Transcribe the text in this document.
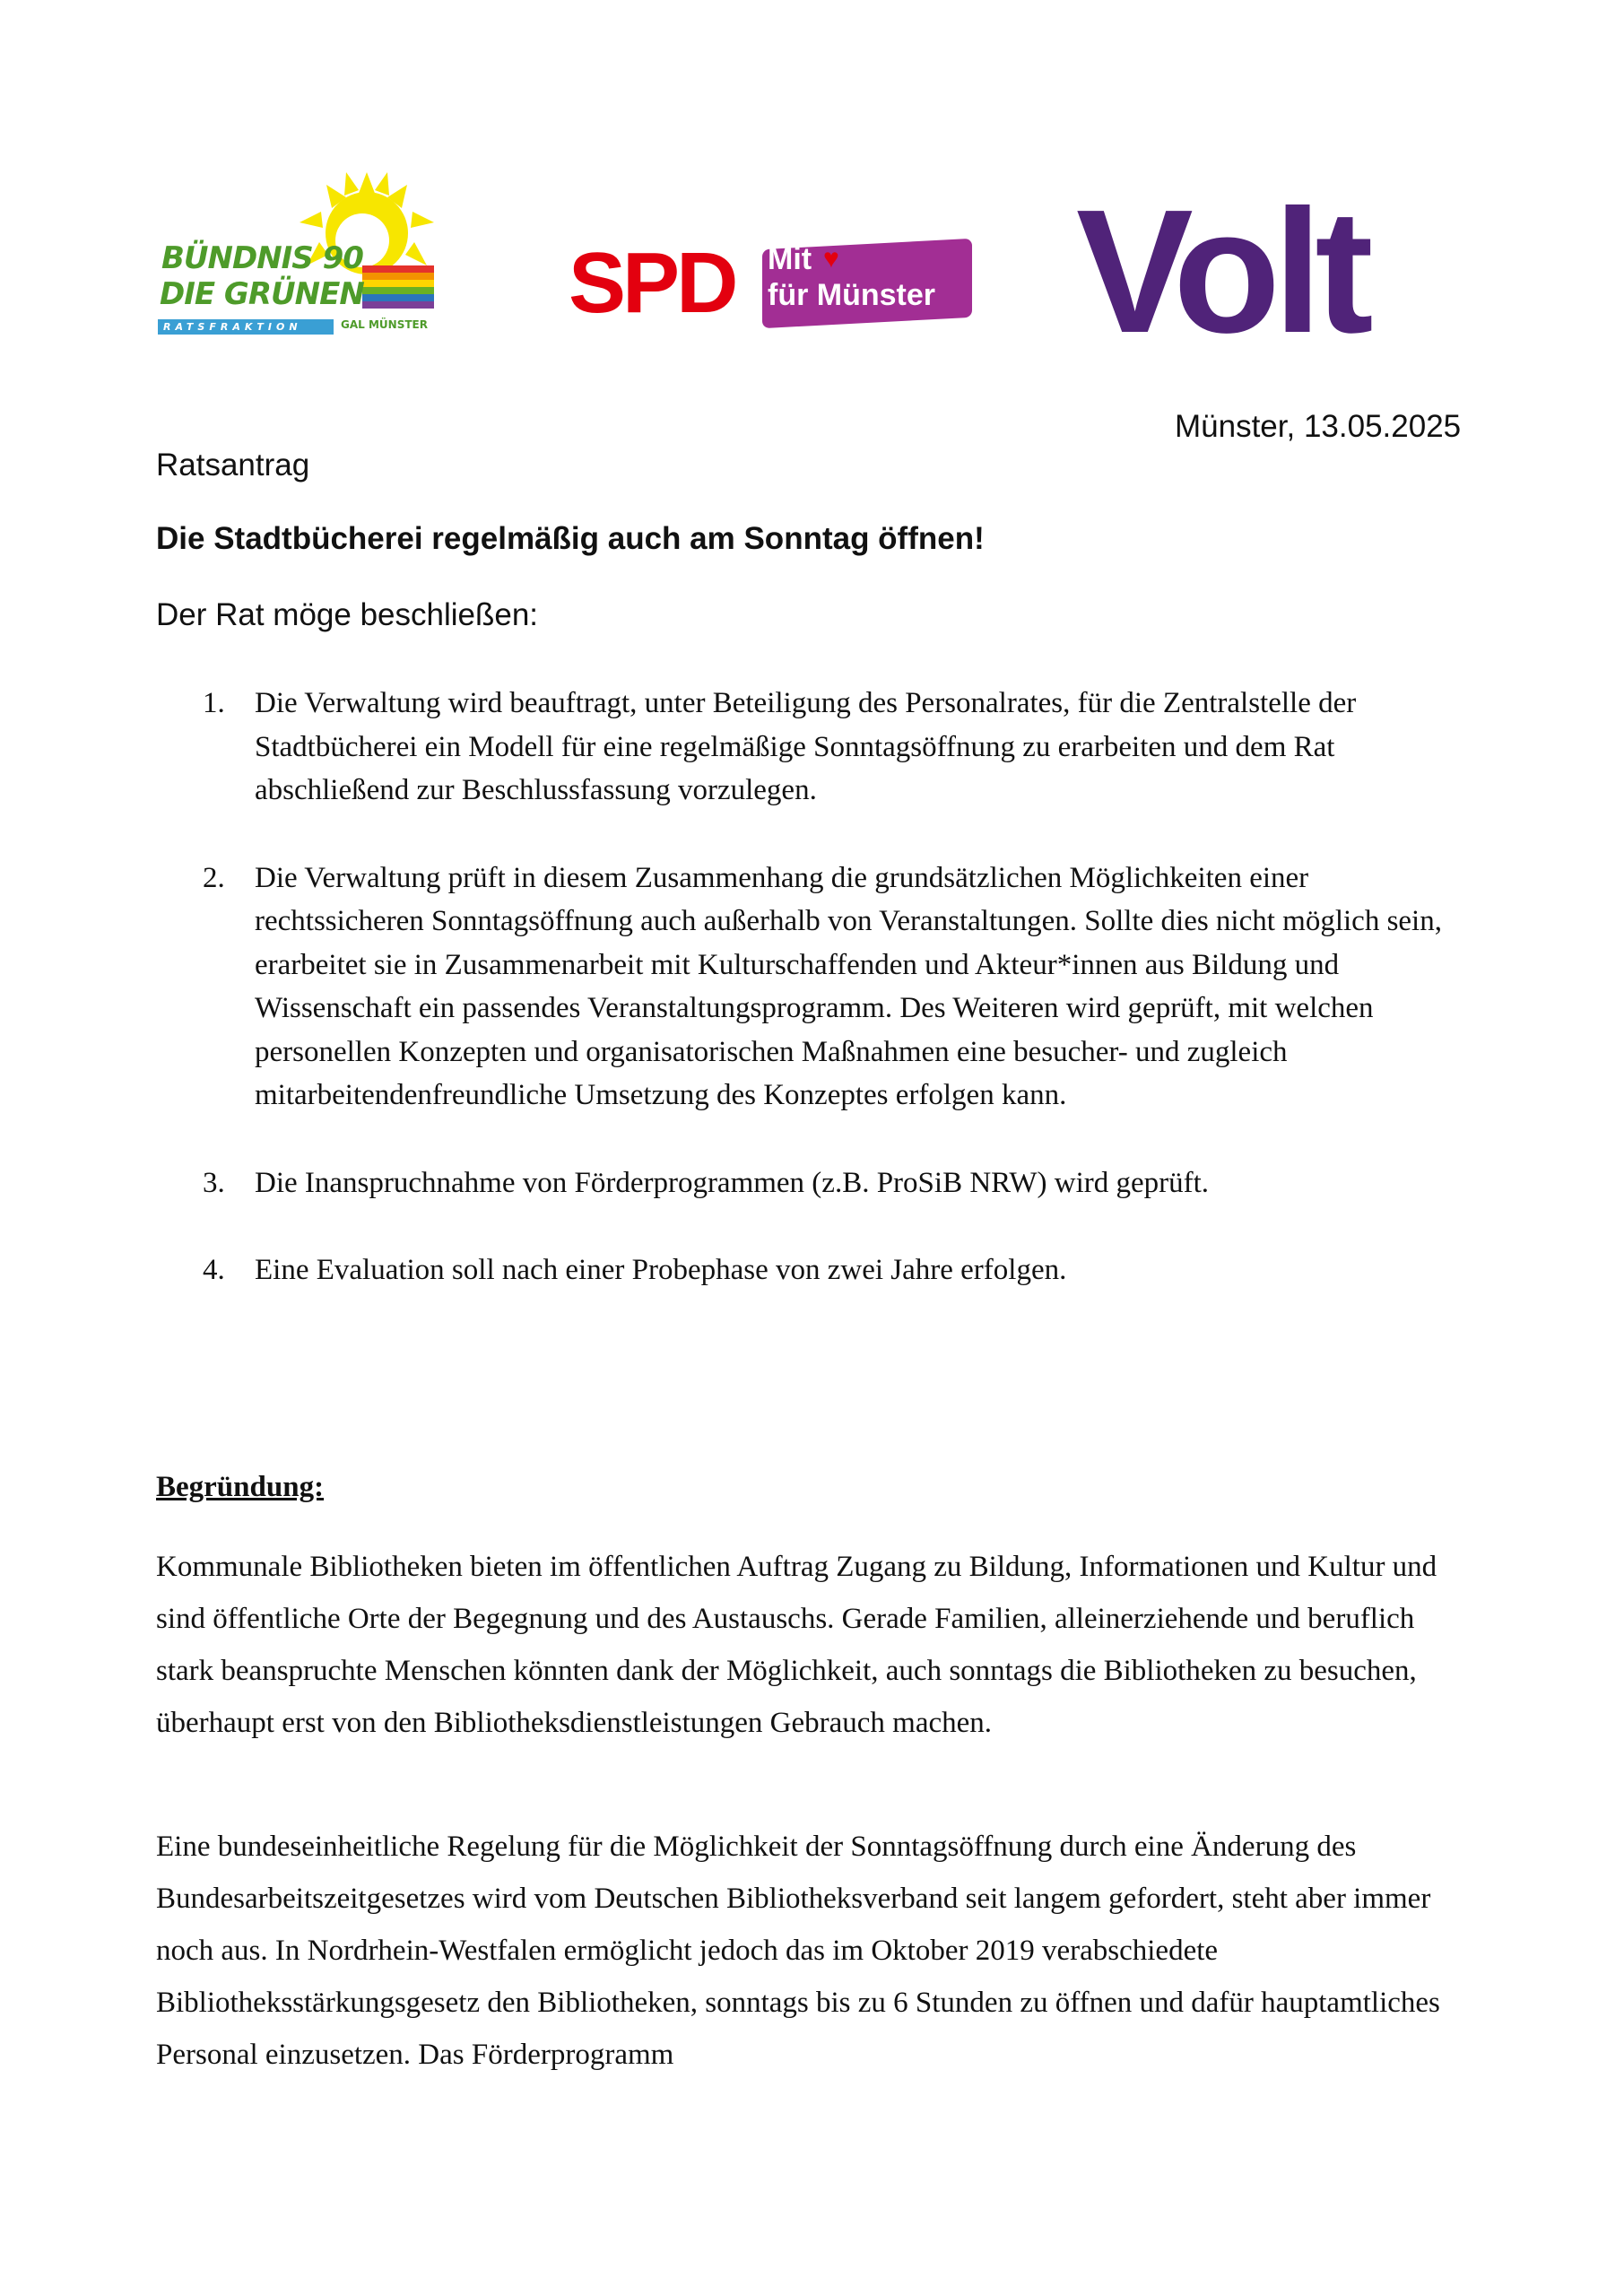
BÜNDNIS 90
DIE GRÜNEN
RATSFRAKTION	GAL MÜNSTER SPD Mit ♥
für Münster Volt
Münster, 13.05.2025
Ratsantrag
Die Stadtbücherei regelmäßig auch am Sonntag öffnen!
Der Rat möge beschließen:
1. Die Verwaltung wird beauftragt, unter Beteiligung des Personalrates, für die Zentralstelle der Stadtbücherei ein Modell für eine regelmäßige Sonntagsöffnung zu erarbeiten und dem Rat abschließend zur Beschlussfassung vorzulegen.
2. Die Verwaltung prüft in diesem Zusammenhang die grundsätzlichen Möglichkeiten einer rechtssicheren Sonntagsöffnung auch außerhalb von Veranstaltungen. Sollte dies nicht möglich sein, erarbeitet sie in Zusammenarbeit mit Kulturschaffenden und Akteur*innen aus Bildung und Wissenschaft ein passendes Veranstaltungsprogramm. Des Weiteren wird geprüft, mit welchen personellen Konzepten und organisatorischen Maßnahmen eine besucher- und zugleich mitarbeitendenfreundliche Umsetzung des Konzeptes erfolgen kann.
3. Die Inanspruchnahme von Förderprogrammen (z.B. ProSiB NRW) wird geprüft.
4. Eine Evaluation soll nach einer Probephase von zwei Jahre erfolgen.
Begründung:

Kommunale Bibliotheken bieten im öffentlichen Auftrag Zugang zu Bildung, Informationen und Kultur und sind öffentliche Orte der Begegnung und des Austauschs. Gerade Familien, alleinerziehende und beruflich stark beanspruchte Menschen könnten dank der Möglichkeit, auch sonntags die Bibliotheken zu besuchen, überhaupt erst von den Bibliotheksdienstleistungen Gebrauch machen.

Eine bundeseinheitliche Regelung für die Möglichkeit der Sonntagsöffnung durch eine Änderung des Bundesarbeitszeitgesetzes wird vom Deutschen Bibliotheksverband seit langem gefordert, steht aber immer noch aus. In Nordrhein-Westfalen ermöglicht jedoch das im Oktober 2019 verabschiedete Bibliotheksstärkungsgesetz den Bibliotheken, sonntags bis zu 6 Stunden zu öffnen und dafür hauptamtliches Personal einzusetzen. Das Förderprogramm
